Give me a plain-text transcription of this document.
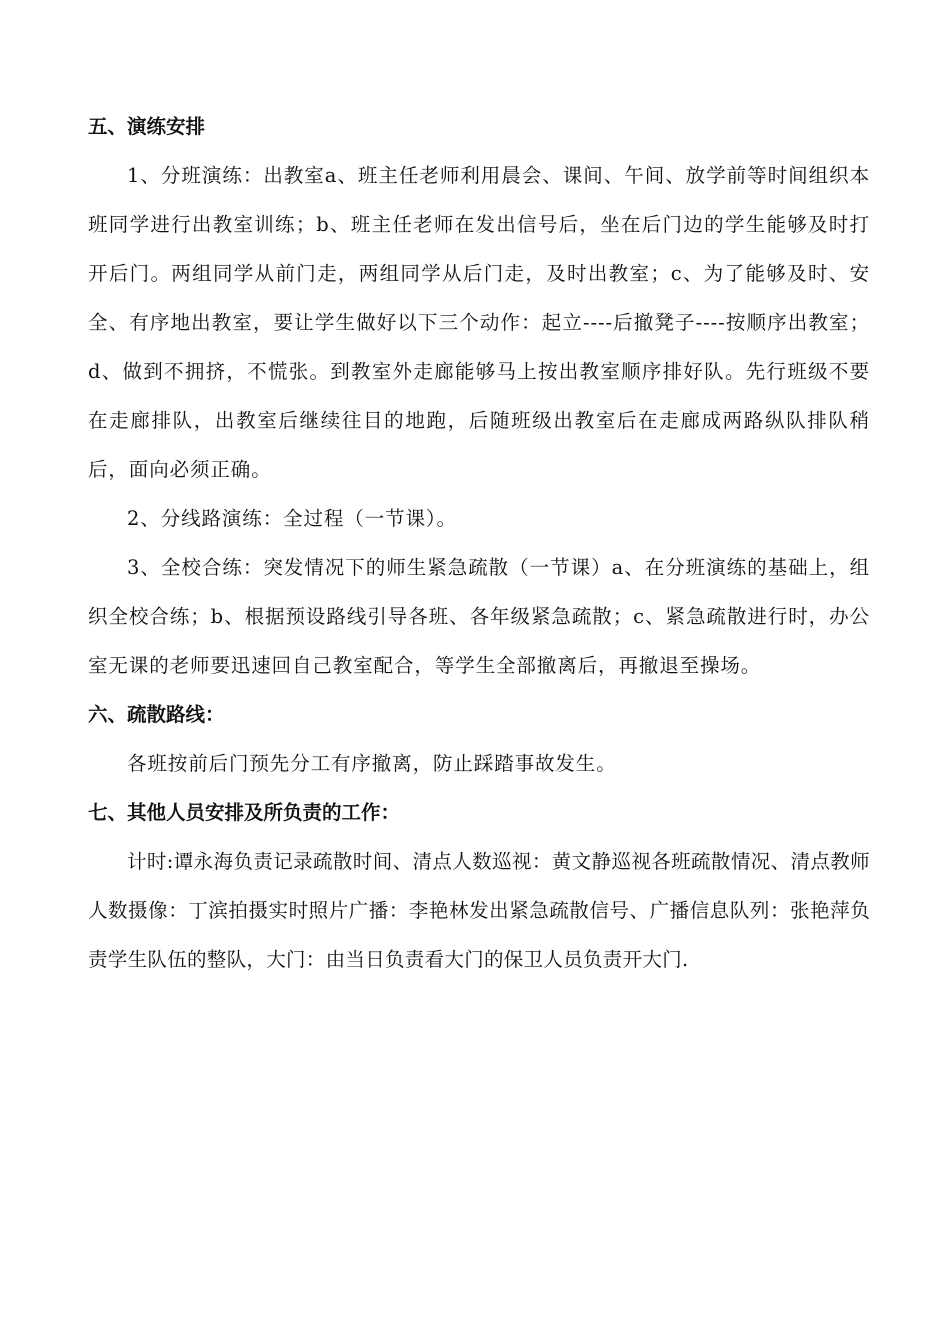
五、演练安排

1、分班演练：出教室a、班主任老师利用晨会、课间、午间、放学前等时间组织本班同学进行出教室训练；b、班主任老师在发出信号后，坐在后门边的学生能够及时打开后门。两组同学从前门走，两组同学从后门走，及时出教室；c、为了能够及时、安全、有序地出教室，要让学生做好以下三个动作：起立----后撤凳子----按顺序出教室；d、做到不拥挤，不慌张。到教室外走廊能够马上按出教室顺序排好队。先行班级不要在走廊排队，出教室后继续往目的地跑，后随班级出教室后在走廊成两路纵队排队稍后，面向必须正确。

2、分线路演练：全过程（一节课）。

3、全校合练：突发情况下的师生紧急疏散（一节课）a、在分班演练的基础上，组织全校合练；b、根据预设路线引导各班、各年级紧急疏散；c、紧急疏散进行时，办公室无课的老师要迅速回自己教室配合，等学生全部撤离后，再撤退至操场。

六、疏散路线：

各班按前后门预先分工有序撤离，防止踩踏事故发生。

七、其他人员安排及所负责的工作：

计时:谭永海负责记录疏散时间、清点人数巡视：黄文静巡视各班疏散情况、清点教师人数摄像：丁滨拍摄实时照片广播：李艳林发出紧急疏散信号、广播信息队列：张艳萍负责学生队伍的整队，大门：由当日负责看大门的保卫人员负责开大门.
